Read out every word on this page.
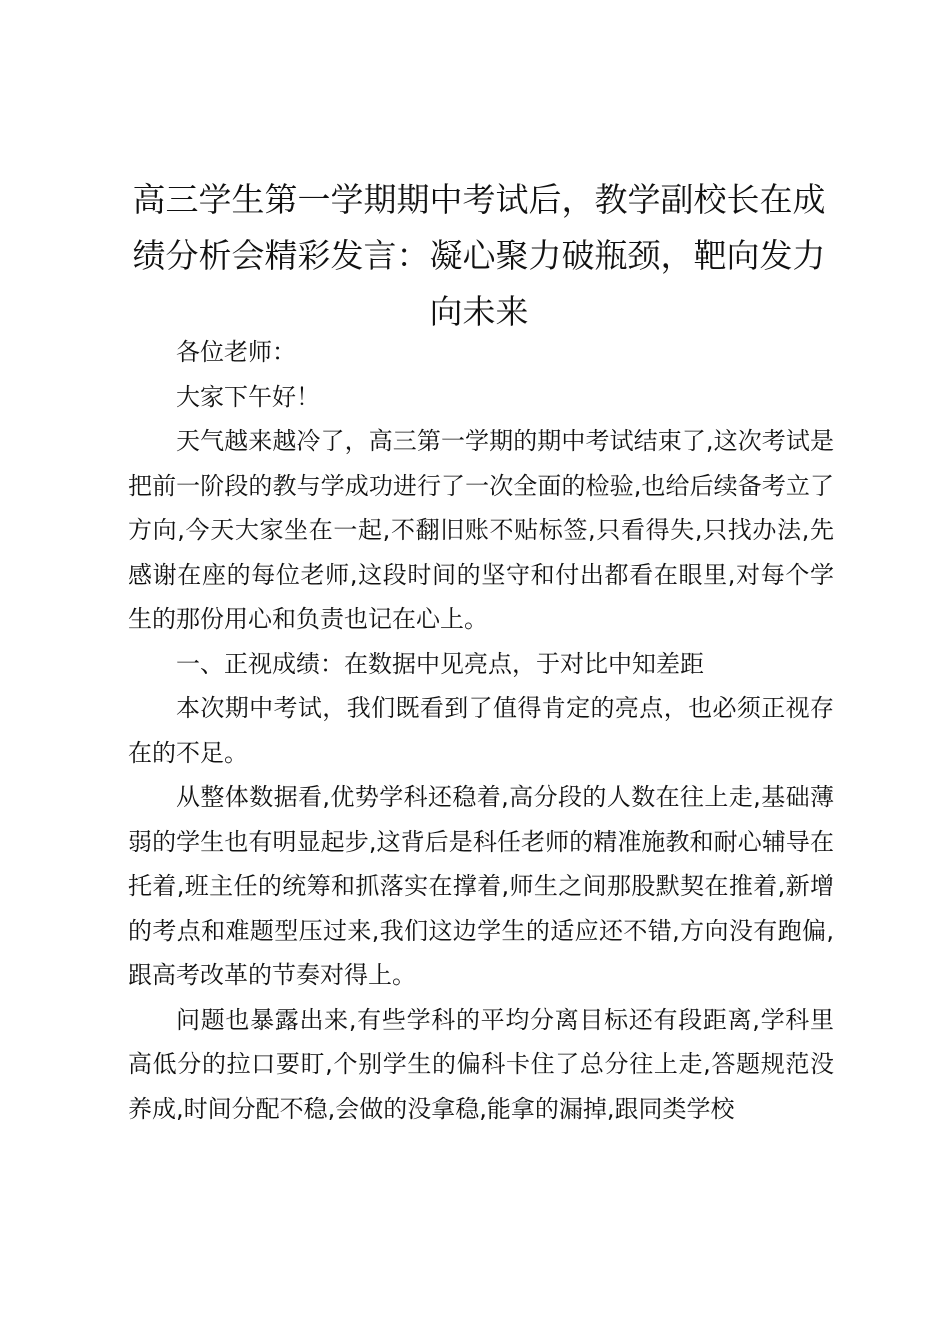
高三学生第一学期期中考试后，教学副校长在成绩分析会精彩发言：凝心聚力破瓶颈，靶向发力向未来

各位老师：

大家下午好！

天气越来越冷了，高三第一学期的期中考试结束了,这次考试是把前一阶段的教与学成功进行了一次全面的检验,也给后续备考立了方向,今天大家坐在一起,不翻旧账不贴标签,只看得失,只找办法,先感谢在座的每位老师,这段时间的坚守和付出都看在眼里,对每个学生的那份用心和负责也记在心上。

一、正视成绩：在数据中见亮点，于对比中知差距

本次期中考试，我们既看到了值得肯定的亮点，也必须正视存在的不足。

从整体数据看,优势学科还稳着,高分段的人数在往上走,基础薄弱的学生也有明显起步,这背后是科任老师的精准施教和耐心辅导在托着,班主任的统筹和抓落实在撑着,师生之间那股默契在推着,新增的考点和难题型压过来,我们这边学生的适应还不错,方向没有跑偏,跟高考改革的节奏对得上。

问题也暴露出来,有些学科的平均分离目标还有段距离,学科里高低分的拉口要盯,个别学生的偏科卡住了总分往上走,答题规范没养成,时间分配不稳,会做的没拿稳,能拿的漏掉,跟同类学校
